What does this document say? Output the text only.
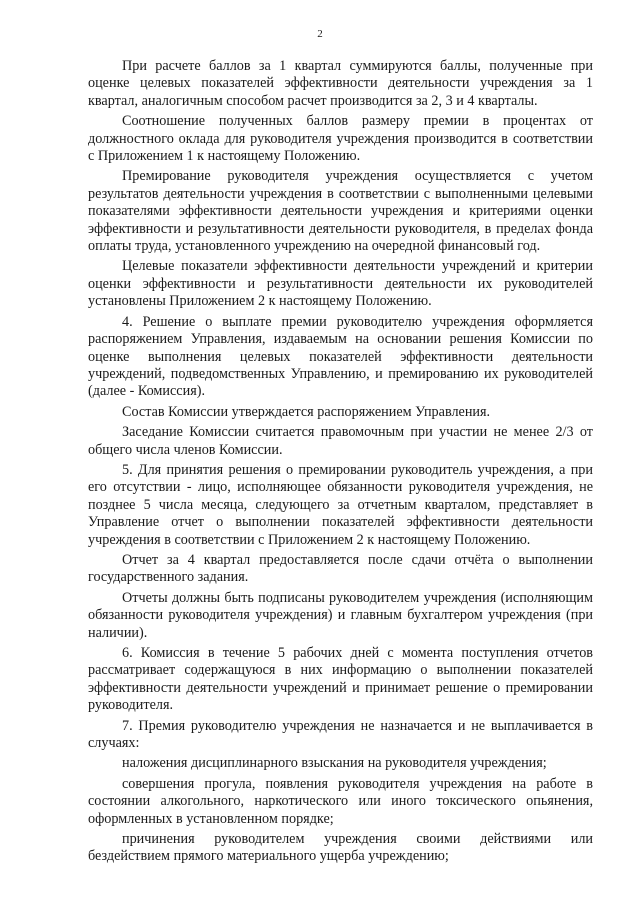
2

При расчете баллов за 1 квартал суммируются баллы, полученные при оценке целевых показателей эффективности деятельности учреждения за 1 квартал, аналогичным способом расчет производится за 2, 3 и 4 кварталы.

Соотношение полученных баллов размеру премии в процентах от должностного оклада для руководителя учреждения производится в соответствии с Приложением 1 к настоящему Положению.

Премирование руководителя учреждения осуществляется с учетом результатов деятельности учреждения в соответствии с выполненными целевыми показателями эффективности деятельности учреждения и критериями оценки эффективности и результативности деятельности руководителя, в пределах фонда оплаты труда, установленного учреждению на очередной финансовый год.

Целевые показатели эффективности деятельности учреждений и критерии оценки эффективности и результативности деятельности их руководителей установлены Приложением 2 к настоящему Положению.

4. Решение о выплате премии руководителю учреждения оформляется распоряжением Управления, издаваемым на основании решения Комиссии по оценке выполнения целевых показателей эффективности деятельности учреждений, подведомственных Управлению, и премированию их руководителей (далее - Комиссия).

Состав Комиссии утверждается распоряжением Управления.

Заседание Комиссии считается правомочным при участии не менее 2/3 от общего числа членов Комиссии.

5. Для принятия решения о премировании руководитель учреждения, а при его отсутствии - лицо, исполняющее обязанности руководителя учреждения, не позднее 5 числа месяца, следующего за отчетным кварталом, представляет в Управление отчет о выполнении показателей эффективности деятельности учреждения в соответствии с Приложением 2 к настоящему Положению.

Отчет за 4 квартал предоставляется после сдачи отчёта о выполнении государственного задания.

Отчеты должны быть подписаны руководителем учреждения (исполняющим обязанности руководителя учреждения) и главным бухгалтером учреждения (при наличии).

6. Комиссия в течение 5 рабочих дней с момента поступления отчетов рассматривает содержащуюся в них информацию о выполнении показателей эффективности деятельности учреждений и принимает решение о премировании руководителя.

7. Премия руководителю учреждения не назначается и не выплачивается в случаях:

наложения дисциплинарного взыскания на руководителя учреждения;

совершения прогула, появления руководителя учреждения на работе в состоянии алкогольного, наркотического или иного токсического опьянения, оформленных в установленном порядке;

причинения руководителем учреждения своими действиями или бездействием прямого материального ущерба учреждению;
